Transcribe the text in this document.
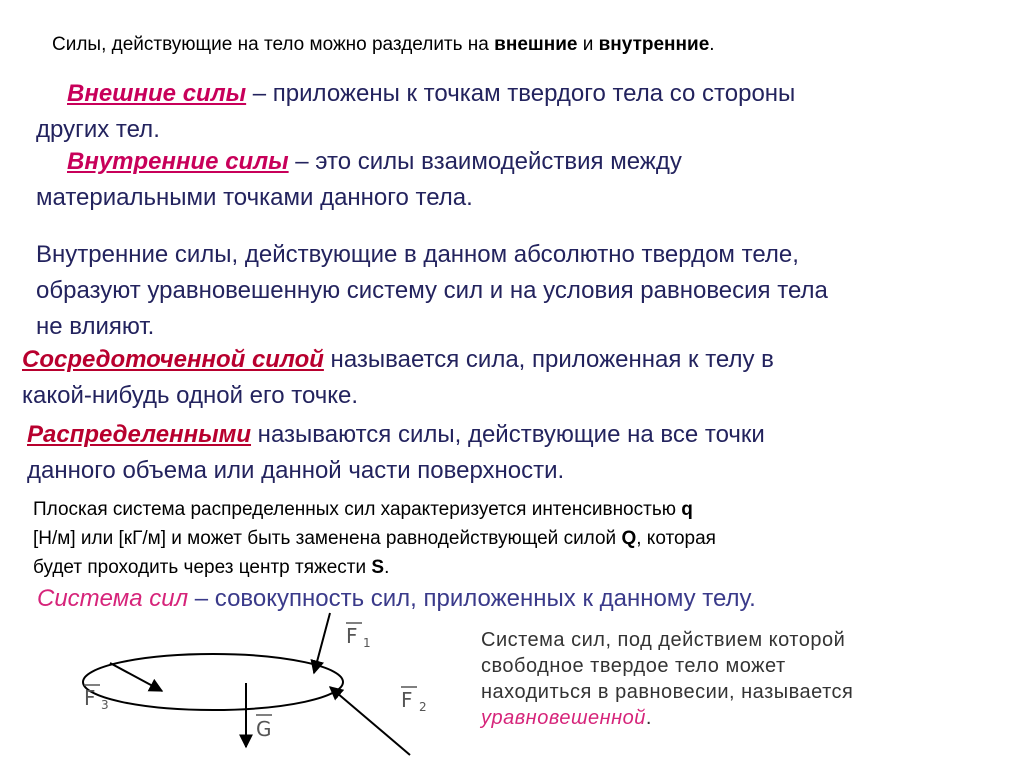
Силы, действующие на тело можно разделить на внешние и внутренние.
Внешние силы – приложены к точкам твердого тела со стороны
других тел.
Внутренние силы – это силы взаимодействия между
материальными точками данного тела.
Внутренние силы, действующие в данном абсолютно твердом теле,
образуют уравновешенную систему сил и на условия равновесия тела
не влияют.
Сосредоточенной силой называется сила, приложенная к телу в
какой-нибудь одной его точке.
Распределенными называются силы, действующие на все точки
данного объема или данной части поверхности.
Плоская система распределенных сил характеризуется интенсивностью q
[Н/м] или [кГ/м] и может быть заменена равнодействующей силой Q, которая
будет проходить через центр тяжести S.
Система сил – совокупность сил, приложенных к данному телу.
F 1
F 2
F 3
G
Система сил, под действием которой
свободное твердое тело может
находиться в равновесии, называется
уравновешенной.
